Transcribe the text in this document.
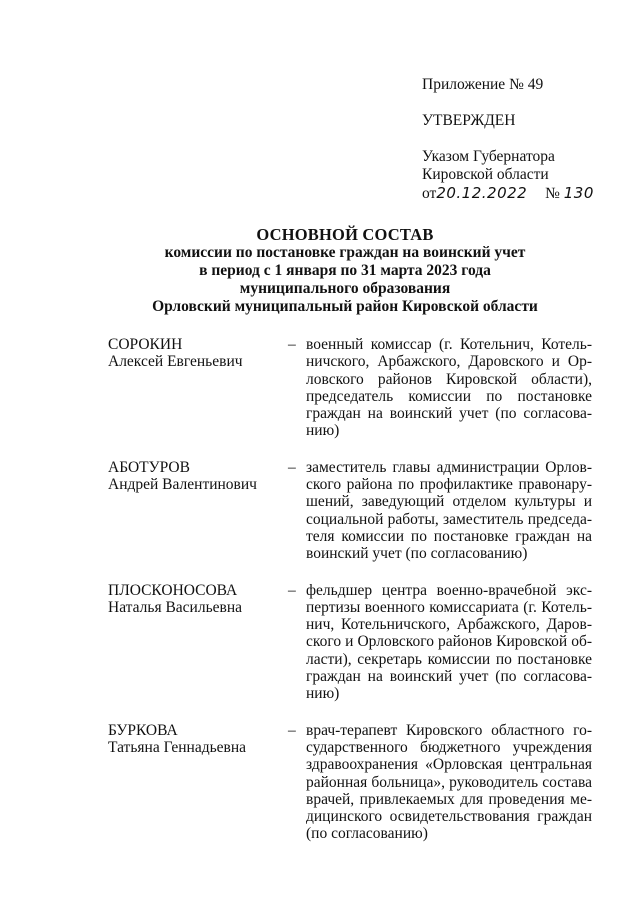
Приложение № 49
УТВЕРЖДЕН
Указом Губернатора
Кировской области
от20.12.2022 № 130
ОСНОВНОЙ СОСТАВ
комиссии по постановке граждан на воинский учет
в период с 1 января по 31 марта 2023 года
муниципального образования
Орловский муниципальный район Кировской области
СОРОКИН
Алексей Евгеньевич
– военный комиссар (г. Котельнич, Котель-
ничского, Арбажского, Даровского и Ор-
ловского районов Кировской области),
председатель комиссии по постановке
граждан на воинский учет (по согласова-
нию)
АБОТУРОВ
Андрей Валентинович
– заместитель главы администрации Орлов-
ского района по профилактике правонару-
шений, заведующий отделом культуры и
социальной работы, заместитель председа-
теля комиссии по постановке граждан на
воинский учет (по согласованию)
ПЛОСКОНОСОВА
Наталья Васильевна
– фельдшер центра военно-врачебной экс-
пертизы военного комиссариата (г. Котель-
нич, Котельничского, Арбажского, Даров-
ского и Орловского районов Кировской об-
ласти), секретарь комиссии по постановке
граждан на воинский учет (по согласова-
нию)
БУРКОВА
Татьяна Геннадьевна
– врач-терапевт Кировского областного го-
сударственного бюджетного учреждения
здравоохранения «Орловская центральная
районная больница», руководитель состава
врачей, привлекаемых для проведения ме-
дицинского освидетельствования граждан
(по согласованию)
